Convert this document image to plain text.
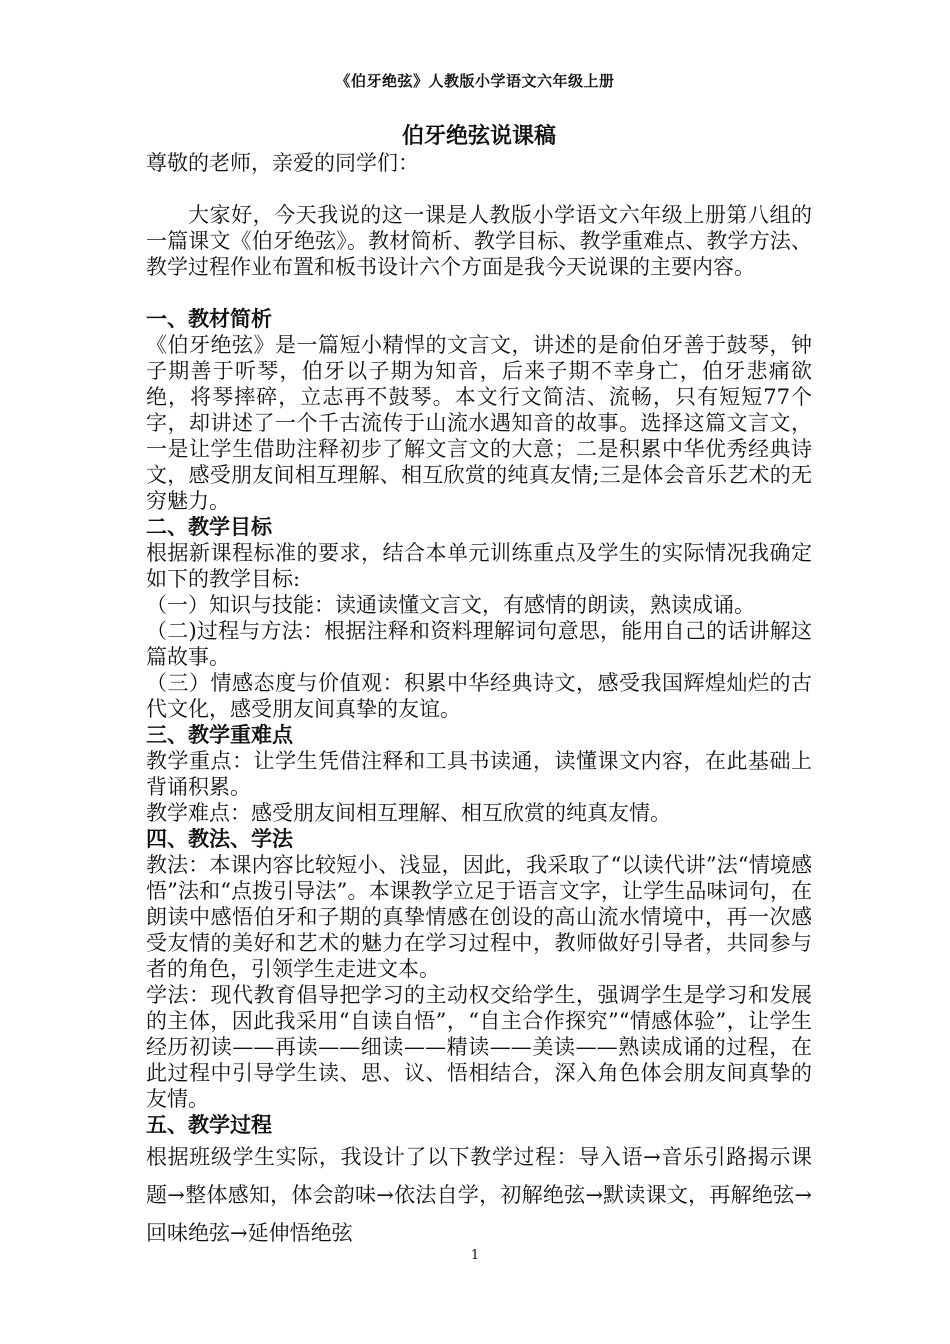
《伯牙绝弦》人教版小学语文六年级上册
伯牙绝弦说课稿

尊敬的老师，亲爱的同学们：

大家好，今天我说的这一课是人教版小学语文六年级上册第八组的一篇课文《伯牙绝弦》。教材简析、教学目标、教学重难点、教学方法、教学过程作业布置和板书设计六个方面是我今天说课的主要内容。

一、教材简析

《伯牙绝弦》是一篇短小精悍的文言文，讲述的是俞伯牙善于鼓琴，钟子期善于听琴，伯牙以子期为知音，后来子期不幸身亡，伯牙悲痛欲绝，将琴摔碎，立志再不鼓琴。本文行文简洁、流畅，只有短短77个字，却讲述了一个千古流传于山流水遇知音的故事。选择这篇文言文，一是让学生借助注释初步了解文言文的大意；二是积累中华优秀经典诗文，感受朋友间相互理解、相互欣赏的纯真友情;三是体会音乐艺术的无穷魅力。

二、教学目标

根据新课程标准的要求，结合本单元训练重点及学生的实际情况我确定如下的教学目标:

（一）知识与技能：读通读懂文言文，有感情的朗读，熟读成诵。

（二)过程与方法：根据注释和资料理解词句意思，能用自己的话讲解这篇故事。

（三）情感态度与价值观：积累中华经典诗文，感受我国辉煌灿烂的古代文化，感受朋友间真挚的友谊。

三、教学重难点

教学重点：让学生凭借注释和工具书读通，读懂课文内容，在此基础上背诵积累。

教学难点：感受朋友间相互理解、相互欣赏的纯真友情。

四、教法、学法

教法：本课内容比较短小、浅显，因此，我采取了“以读代讲”法“情境感悟”法和“点拨引导法”。本课教学立足于语言文字，让学生品味词句，在朗读中感悟伯牙和子期的真挚情感在创设的高山流水情境中，再一次感受友情的美好和艺术的魅力在学习过程中，教师做好引导者，共同参与者的角色，引领学生走进文本。

学法：现代教育倡导把学习的主动权交给学生，强调学生是学习和发展的主体，因此我采用“自读自悟”，“自主合作探究”“情感体验”，让学生经历初读——再读——细读——精读——美读——熟读成诵的过程，在此过程中引导学生读、思、议、悟相结合，深入角色体会朋友间真挚的友情。

五、教学过程

根据班级学生实际，我设计了以下教学过程：导入语→音乐引路揭示课题→整体感知，体会韵味→依法自学，初解绝弦→默读课文，再解绝弦→回味绝弦→延伸悟绝弦

1
